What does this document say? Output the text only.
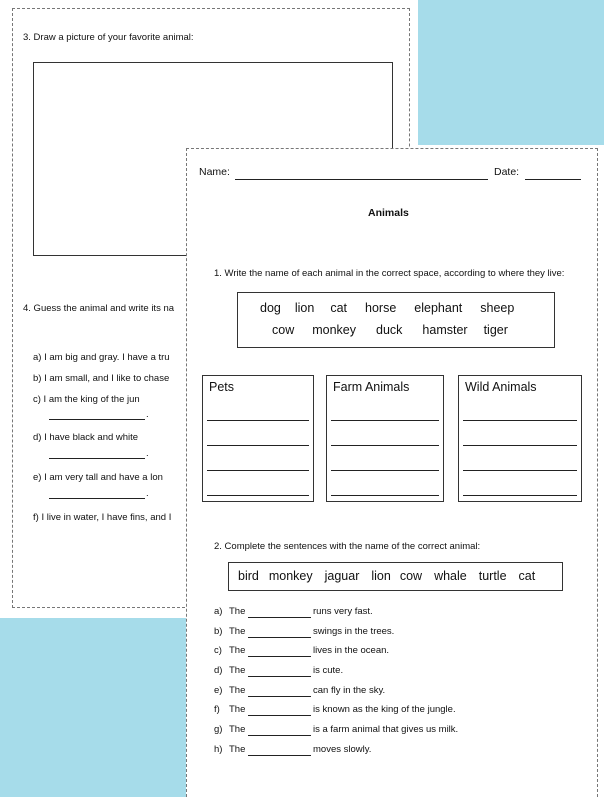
3. Draw a picture of your favorite animal:
4. Guess the animal and write its na
a) I am big and gray. I have a tru
b) I am small, and I like to chase
c) I am the king of the jun
.
d) I have black and white
.
e) I am very tall and have a lon
.
f) I live in water, I have fins, and I
Name:	Date:
Animals
1. Write the name of each animal in the correct space, according to where they live:
dog lion cat horse elephant sheep
cow monkey duck hamster tiger
Pets	Farm Animals	Wild Animals
2. Complete the sentences with the name of the correct animal:
bird monkey jaguar lion cow whale turtle cat
a) The	runs very fast.
b) The	swings in the trees.
c) The	lives in the ocean.
d) The	is cute.
e) The	can fly in the sky.
f) The	is known as the king of the jungle.
g) The	is a farm animal that gives us milk.
h) The	moves slowly.
